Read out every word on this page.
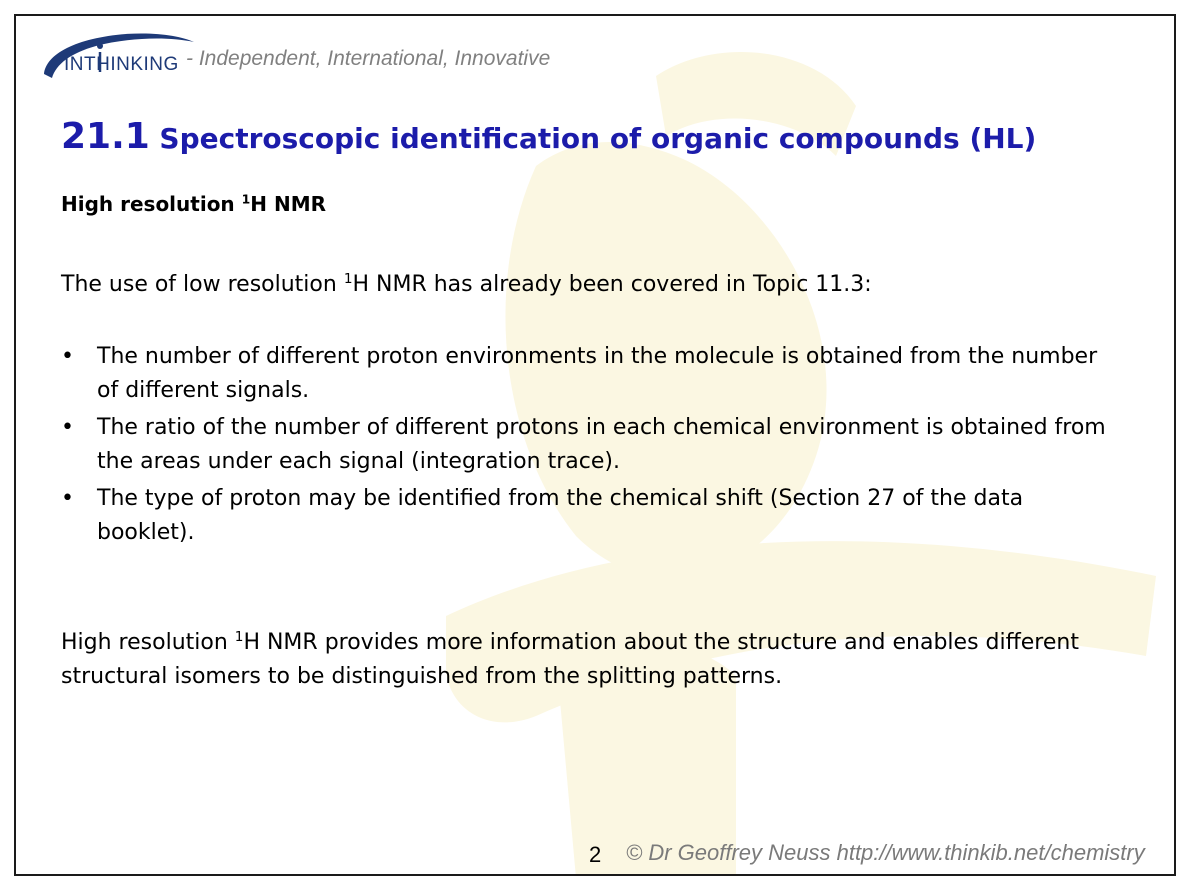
INTHINKING - Independent, International, Innovative
21.1 Spectroscopic identification of organic compounds (HL)
High resolution $^1$H NMR
The use of low resolution $^1$H NMR has already been covered in Topic 11.3:
• The number of different proton environments in the molecule is obtained from the number of different signals.
• The ratio of the number of different protons in each chemical environment is obtained from the areas under each signal (integration trace).
• The type of proton may be identified from the chemical shift (Section 27 of the data booklet).
High resolution $^1$H NMR provides more information about the structure and enables different structural isomers to be distinguished from the splitting patterns.
2 © Dr Geoffrey Neuss http://www.thinkib.net/chemistry
